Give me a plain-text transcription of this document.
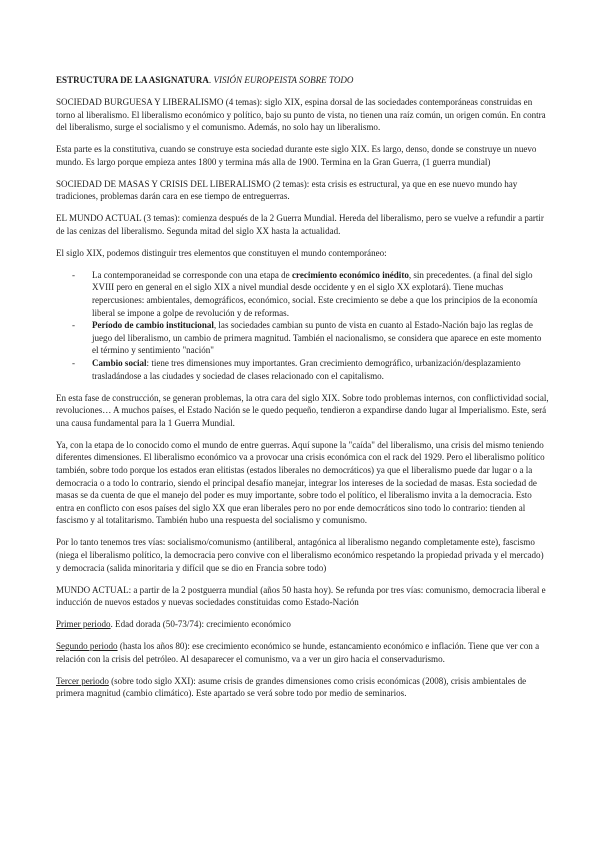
ESTRUCTURA DE LA ASIGNATURA. VISIÓN EUROPEISTA SOBRE TODO

SOCIEDAD BURGUESA Y LIBERALISMO (4 temas): siglo XIX, espina dorsal de las sociedades contemporáneas construidas en torno al liberalismo. El liberalismo económico y político, bajo su punto de vista, no tienen una raíz común, un origen común. En contra del liberalismo, surge el socialismo y el comunismo. Además, no solo hay un liberalismo.

Esta parte es la constitutiva, cuando se construye esta sociedad durante este siglo XIX. Es largo, denso, donde se construye un nuevo mundo. Es largo porque empieza antes 1800 y termina más alla de 1900. Termina en la Gran Guerra, (1 guerra mundial)

SOCIEDAD DE MASAS Y CRISIS DEL LIBERALISMO (2 temas): esta crisis es estructural, ya que en ese nuevo mundo hay tradiciones, problemas darán cara en ese tiempo de entreguerras.

EL MUNDO ACTUAL (3 temas): comienza después de la 2 Guerra Mundial. Hereda del liberalismo, pero se vuelve a refundir a partir de las cenizas del liberalismo. Segunda mitad del siglo XX hasta la actualidad.

El siglo XIX, podemos distinguir tres elementos que constituyen el mundo contemporáneo:

- La contemporaneidad se corresponde con una etapa de crecimiento económico inédito, sin precedentes. (a final del siglo XVIII pero en general en el siglo XIX a nivel mundial desde occidente y en el siglo XX explotará). Tiene muchas repercusiones: ambientales, demográficos, económico, social. Este crecimiento se debe a que los principios de la economía liberal se impone a golpe de revolución y de reformas.
- Período de cambio institucional, las sociedades cambian su punto de vista en cuanto al Estado-Nación bajo las reglas de juego del liberalismo, un cambio de primera magnitud. También el nacionalismo, se considera que aparece en este momento el término y sentimiento "nación"
- Cambio social: tiene tres dimensiones muy importantes. Gran crecimiento demográfico, urbanización/desplazamiento trasladándose a las ciudades y sociedad de clases relacionado con el capitalismo.

En esta fase de construcción, se generan problemas, la otra cara del siglo XIX. Sobre todo problemas internos, con conflictividad social, revoluciones… A muchos países, el Estado Nación se le quedo pequeño, tendieron a expandirse dando lugar al Imperialismo. Este, será una causa fundamental para la 1 Guerra Mundial.

Ya, con la etapa de lo conocido como el mundo de entre guerras. Aquí supone la "caída" del liberalismo, una crisis del mismo teniendo diferentes dimensiones. El liberalismo económico va a provocar una crisis económica con el rack del 1929. Pero el liberalismo político también, sobre todo porque los estados eran elitistas (estados liberales no democráticos) ya que el liberalismo puede dar lugar o a la democracia o a todo lo contrario, siendo el principal desafío manejar, integrar los intereses de la sociedad de masas. Esta sociedad de masas se da cuenta de que el manejo del poder es muy importante, sobre todo el político, el liberalismo invita a la democracia. Esto entra en conflicto con esos países del siglo XX que eran liberales pero no por ende democráticos sino todo lo contrario: tienden al fascismo y al totalitarismo. También hubo una respuesta del socialismo y comunismo.

Por lo tanto tenemos tres vías: socialismo/comunismo (antiliberal, antagónica al liberalismo negando completamente este), fascismo (niega el liberalismo político, la democracia pero convive con el liberalismo económico respetando la propiedad privada y el mercado) y democracia (salida minoritaria y difícil que se dio en Francia sobre todo)

MUNDO ACTUAL: a partir de la 2 postguerra mundial (años 50 hasta hoy). Se refunda por tres vías: comunismo, democracia liberal e inducción de nuevos estados y nuevas sociedades constituidas como Estado-Nación

Primer periodo. Edad dorada (50-73/74): crecimiento económico

Segundo periodo (hasta los años 80): ese crecimiento económico se hunde, estancamiento económico e inflación. Tiene que ver con a relación con la crisis del petróleo. Al desaparecer el comunismo, va a ver un giro hacia el conservadurismo.

Tercer periodo (sobre todo siglo XXI): asume crisis de grandes dimensiones como crisis económicas (2008), crisis ambientales de primera magnitud (cambio climático). Este apartado se verá sobre todo por medio de seminarios.
